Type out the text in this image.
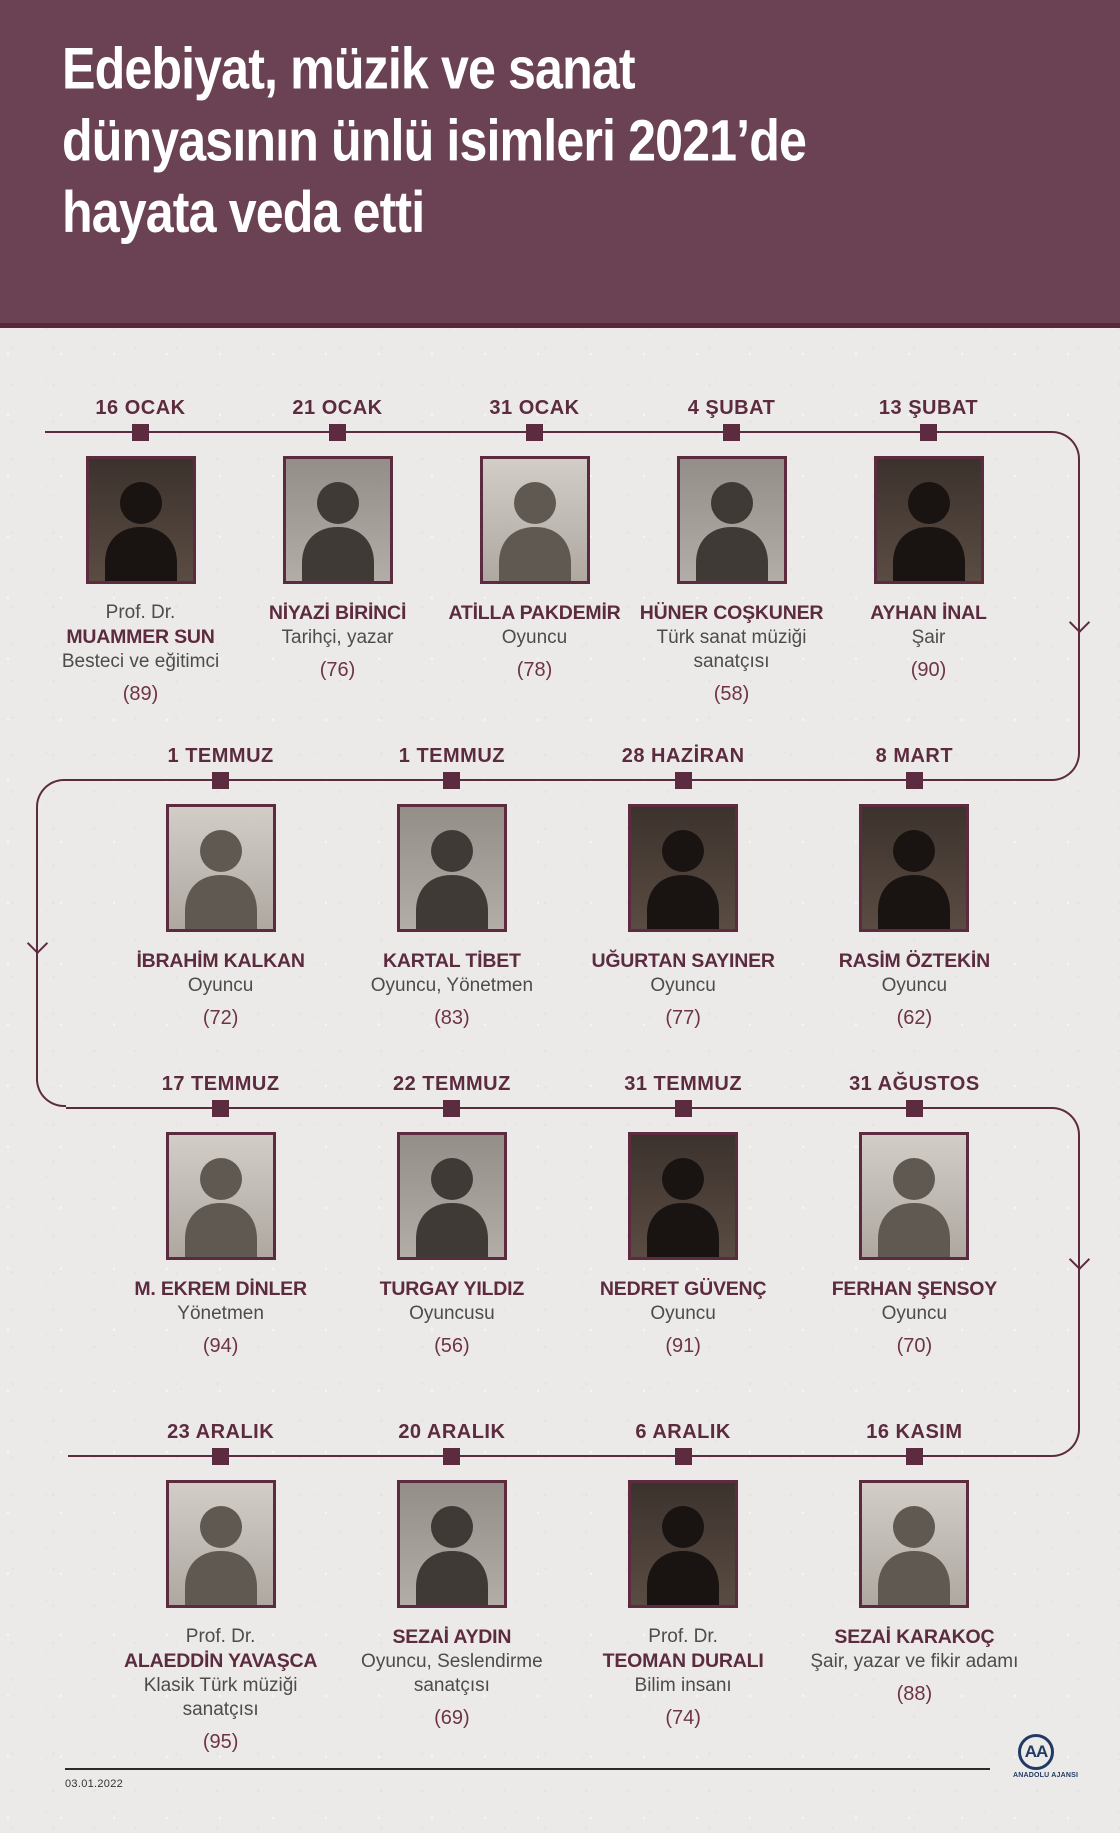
Edebiyat, müzik ve sanat
dünyasının ünlü isimleri 2021’de
hayata veda etti
16 OCAK
Prof. Dr.
MUAMMER SUN
Besteci ve eğitimci
(89)
21 OCAK
NİYAZİ BİRİNCİ
Tarihçi, yazar
(76)
31 OCAK
ATİLLA PAKDEMİR
Oyuncu
(78)
4 ŞUBAT
HÜNER COŞKUNER
Türk sanat müziği sanatçısı
(58)
13 ŞUBAT
AYHAN İNAL
Şair
(90)
1 TEMMUZ
İBRAHİM KALKAN
Oyuncu
(72)
1 TEMMUZ
KARTAL TİBET
Oyuncu, Yönetmen
(83)
28 HAZİRAN
UĞURTAN SAYINER
Oyuncu
(77)
8 MART
RASİM ÖZTEKİN
Oyuncu
(62)
17 TEMMUZ
M. EKREM DİNLER
Yönetmen
(94)
22 TEMMUZ
TURGAY YILDIZ
Oyuncusu
(56)
31 TEMMUZ
NEDRET GÜVENÇ
Oyuncu
(91)
31 AĞUSTOS
FERHAN ŞENSOY
Oyuncu
(70)
23 ARALIK
Prof. Dr.
ALAEDDİN YAVAŞCA
Klasik Türk müziği sanatçısı
(95)
20 ARALIK
SEZAİ AYDIN
Oyuncu, Seslendirme sanatçısı
(69)
6 ARALIK
Prof. Dr.
TEOMAN DURALI
Bilim insanı
(74)
16 KASIM
SEZAİ KARAKOÇ
Şair, yazar ve fikir adamı
(88)
03.01.2022
AA
ANADOLU AJANSI
